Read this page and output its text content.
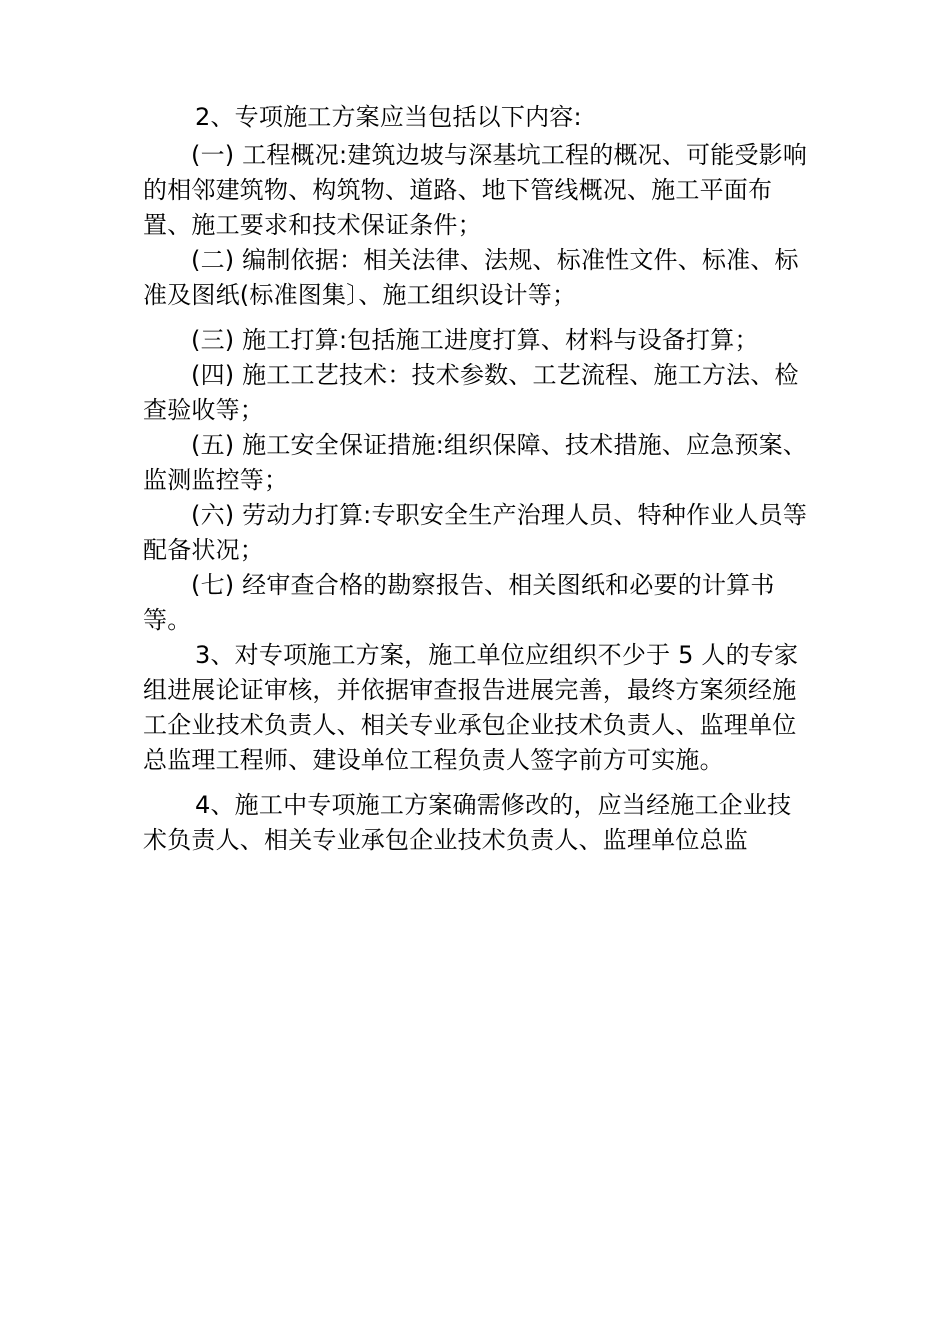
2、专项施工方案应当包括以下内容:

(一) 工程概况:建筑边坡与深基坑工程的概况、可能受影响的相邻建筑物、构筑物、道路、地下管线概况、施工平面布置、施工要求和技术保证条件；

(二) 编制依据：相关法律、法规、标准性文件、标准、标准及图纸(标准图集〕、施工组织设计等；

(三) 施工打算:包括施工进度打算、材料与设备打算；

(四) 施工工艺技术：技术参数、工艺流程、施工方法、检查验收等；

(五) 施工安全保证措施:组织保障、技术措施、应急预案、监测监控等；

(六) 劳动力打算:专职安全生产治理人员、特种作业人员等配备状况；

(七) 经审查合格的勘察报告、相关图纸和必要的计算书等。

3、对专项施工方案，施工单位应组织不少于 5 人的专家组进展论证审核，并依据审查报告进展完善，最终方案须经施工企业技术负责人、相关专业承包企业技术负责人、监理单位总监理工程师、建设单位工程负责人签字前方可实施。

4、施工中专项施工方案确需修改的，应当经施工企业技术负责人、相关专业承包企业技术负责人、监理单位总监
